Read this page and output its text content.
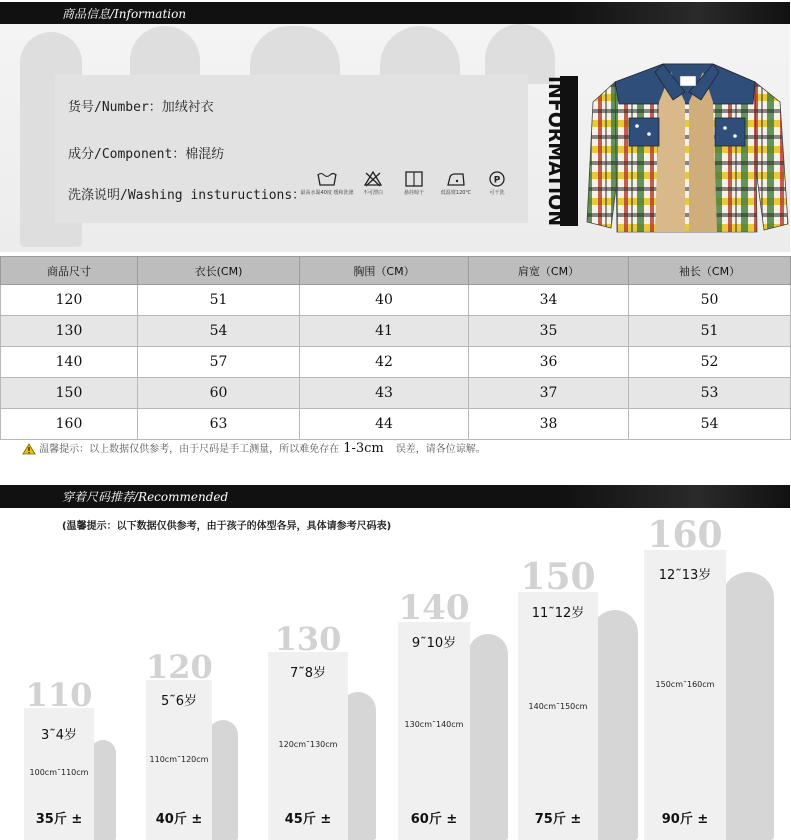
商品信息/Information
货号/Number：加绒衬衣
成分/Component：棉混纺
洗涤说明/Washing instuructions：
最高水温40度 缓和洗涤	不可漂白	悬挂晾干	低温熨120℃
P
可干洗	INFORMATION
商品尺寸	衣长(CM)	胸围（CM）	肩宽（CM）	袖长（CM）
120	51	40	34	50
130	54	41	35	51
140	57	42	36	52
150	60	43	37	53
160	63	44	38	54
温馨提示：以上数据仅供参考，由于尺码是手工测量，所以难免存在 1-3cm 误差，请各位谅解。
穿着尺码推荐/Recommended
(温馨提示：以下数据仅供参考，由于孩子的体型各异，具体请参考尺码表)
110
3˜4岁
100cm˜110cm
35斤 ±
120
5˜6岁
110cm˜120cm
40斤 ±
130
7˜8岁
120cm˜130cm
45斤 ±
140
9˜10岁
130cm˜140cm
60斤 ±
150
11˜12岁
140cm˜150cm
75斤 ±
160
12˜13岁
150cm˜160cm
90斤 ±
